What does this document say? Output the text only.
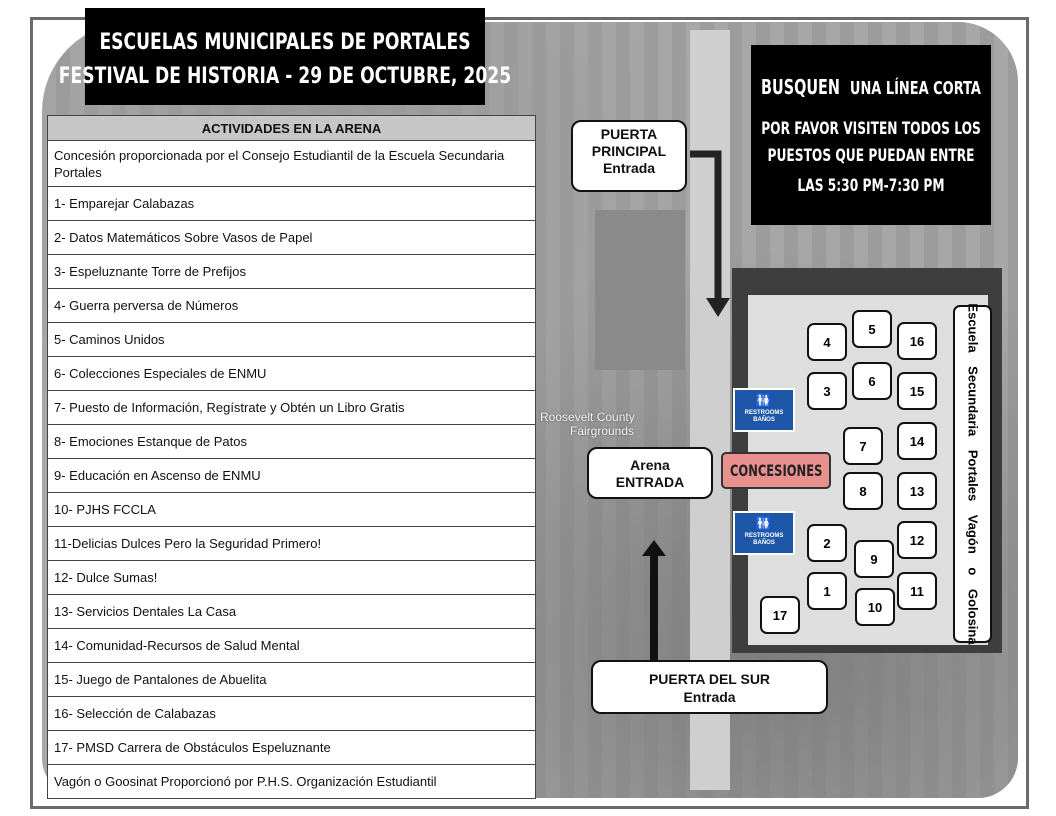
ESCUELAS MUNICIPALES DE PORTALES
FESTIVAL DE HISTORIA - 29 DE OCTUBRE, 2025	BUSQUEN UNA LÍNEA CORTA
POR FAVOR VISITEN TODOS LOS
PUESTOS QUE PUEDAN ENTRE
LAS 5:30 PM-7:30 PM
ACTIVIDADES EN LA ARENA
Concesión proporcionada por el Consejo Estudiantil de la Escuela Secundaria Portales
1- Emparejar Calabazas
2- Datos Matemáticos Sobre Vasos de Papel
3- Espeluznante Torre de Prefijos
4- Guerra perversa de Números
5- Caminos Unidos
6- Colecciones Especiales de ENMU
7- Puesto de Información, Regístrate y Obtén un Libro Gratis
8- Emociones Estanque de Patos
9- Educación en Ascenso de ENMU
10- PJHS FCCLA
11-Delicias Dulces Pero la Seguridad Primero!
12- Dulce Sumas!
13- Servicios Dentales La Casa
14- Comunidad-Recursos de Salud Mental
15- Juego de Pantalones de Abuelita
16- Selección de Calabazas
17- PMSD Carrera de Obstáculos Espeluznante
Vagón o Goosinat Proporcionó por P.H.S. Organización Estudiantil
Roosevelt County
Fairgrounds
PUERTA
PRINCIPAL
Entrada
Arena
ENTRADA
PUERTA DEL SUR
Entrada
🚻
RESTROOMS
BAÑOS
🚻
RESTROOMS
BAÑOS
CONCESIONES
1
2
3
4
5
6
7
8
9
10
11
12
13
14
15
16
17	Escuela Secundaria Portales Vagón o Golosina
